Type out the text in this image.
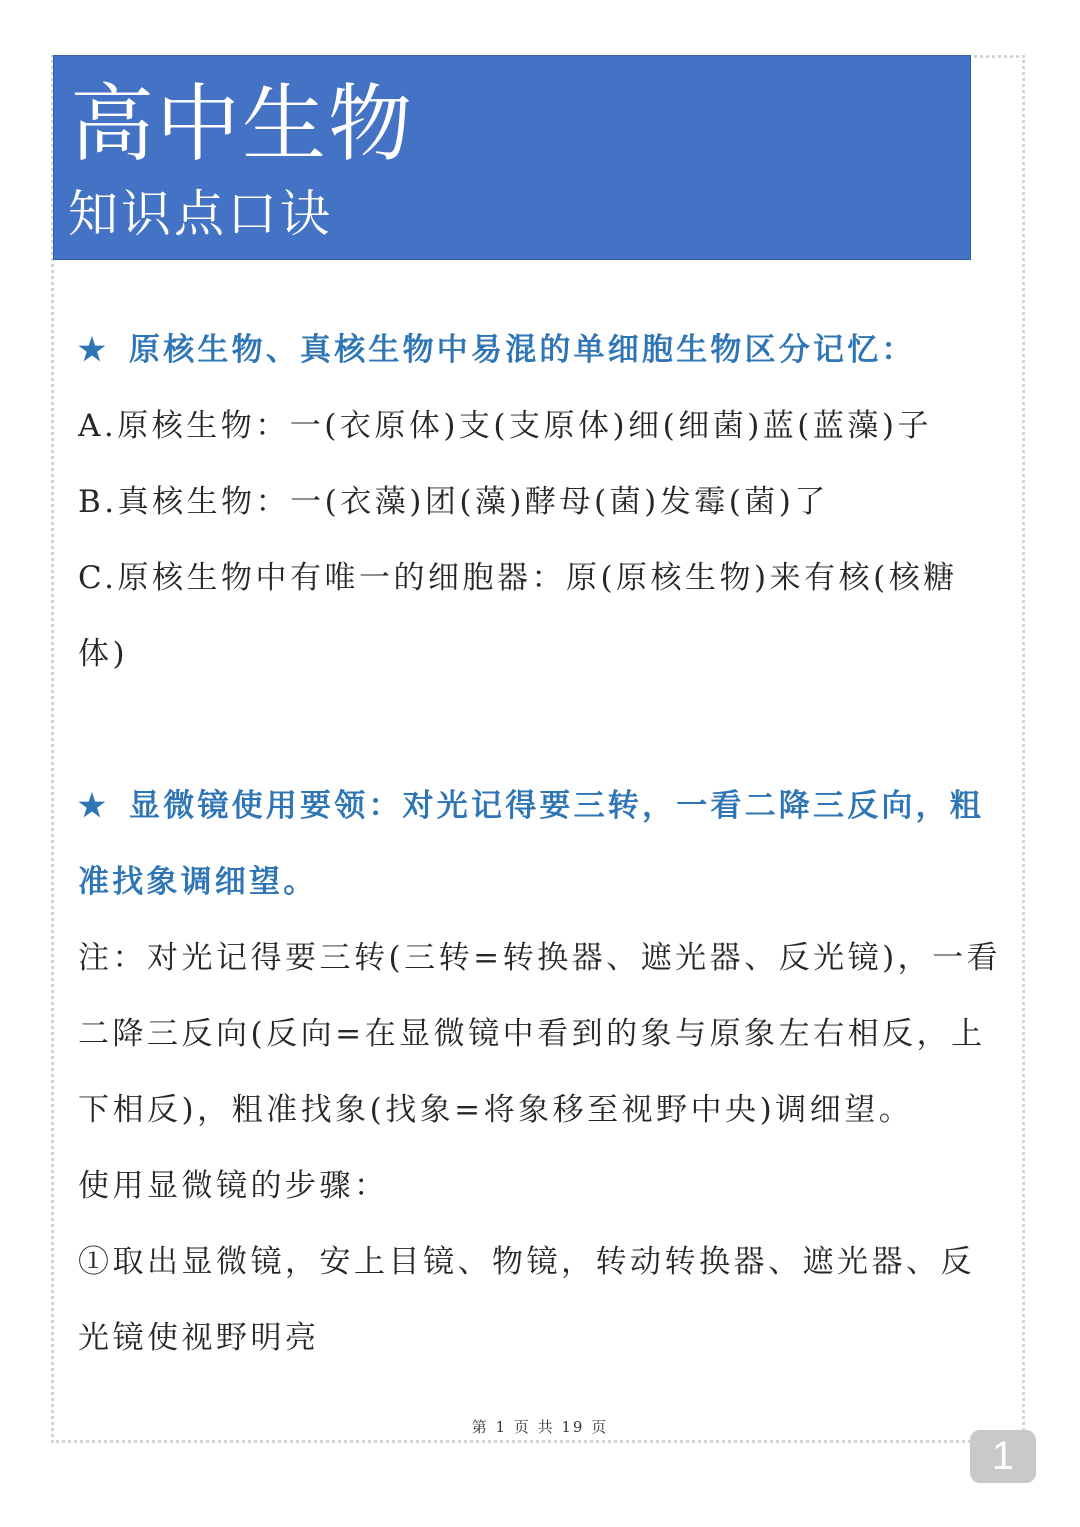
高中生物
知识点口诀
★ 原核生物、真核生物中易混的单细胞生物区分记忆：
A.原核生物：一(衣原体)支(支原体)细(细菌)蓝(蓝藻)子
B.真核生物：一(衣藻)团(藻)酵母(菌)发霉(菌)了
C.原核生物中有唯一的细胞器：原(原核生物)来有核(核糖
体)
★ 显微镜使用要领：对光记得要三转，一看二降三反向，粗
准找象调细望。
注：对光记得要三转(三转=转换器、遮光器、反光镜)，一看
二降三反向(反向=在显微镜中看到的象与原象左右相反，上
下相反)，粗准找象(找象=将象移至视野中央)调细望。
使用显微镜的步骤：
①取出显微镜，安上目镜、物镜，转动转换器、遮光器、反
光镜使视野明亮
第 1 页 共 19 页
1
